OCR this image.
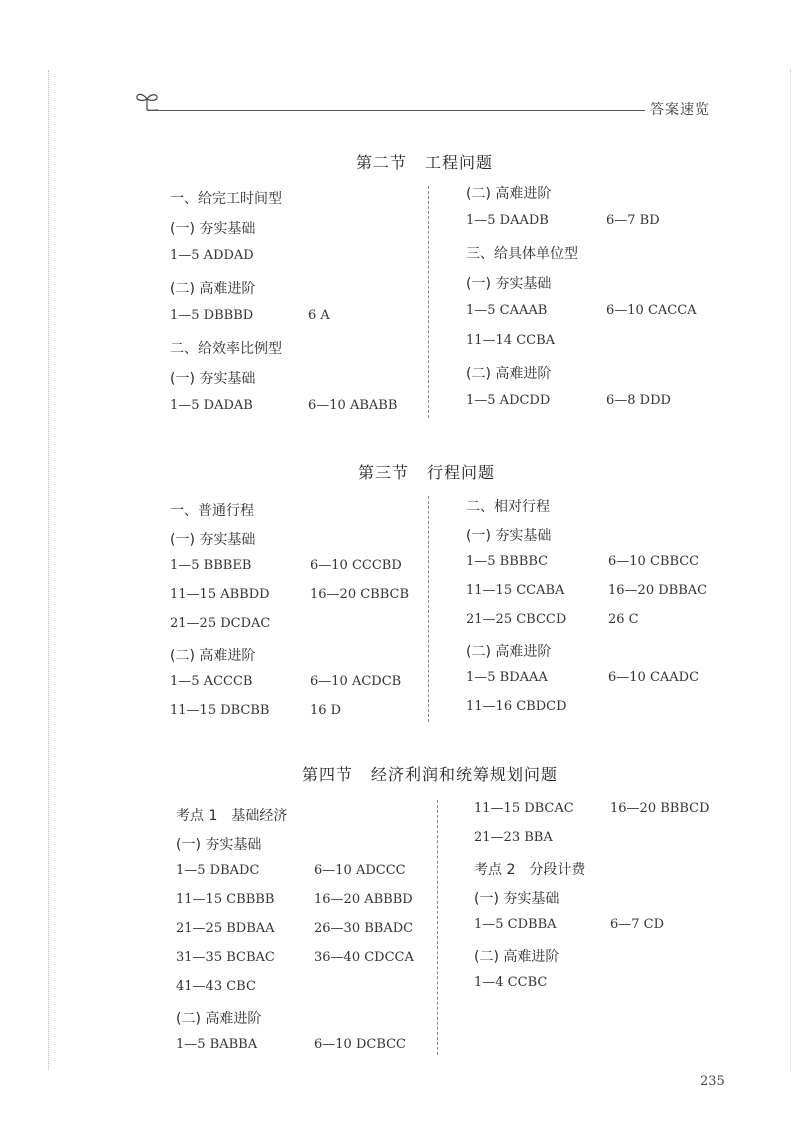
答案速览
第二节 工程问题
一、给完工时间型
(一) 夯实基础
1—5 ADDAD
(二) 高难进阶
1—5 DBBBD	6 A
二、给效率比例型
(一) 夯实基础
1—5 DADAB	6—10 ABABB
(二) 高难进阶
1—5 DAADB	6—7 BD
三、给具体单位型
(一) 夯实基础
1—5 CAAAB	6—10 CACCA
11—14 CCBA
(二) 高难进阶
1—5 ADCDD	6—8 DDD
第三节 行程问题
一、普通行程
(一) 夯实基础
1—5 BBBEB	6—10 CCCBD
11—15 ABBDD	16—20 CBBCB
21—25 DCDAC
(二) 高难进阶
1—5 ACCCB	6—10 ACDCB
11—15 DBCBB	16 D
二、相对行程
(一) 夯实基础
1—5 BBBBC	6—10 CBBCC
11—15 CCABA	16—20 DBBAC
21—25 CBCCD	26 C
(二) 高难进阶
1—5 BDAAA	6—10 CAADC
11—16 CBDCD
第四节 经济利润和统筹规划问题
考点 1　基础经济
(一) 夯实基础
1—5 DBADC	6—10 ADCCC
11—15 CBBBB	16—20 ABBBD
21—25 BDBAA	26—30 BBADC
31—35 BCBAC	36—40 CDCCA
41—43 CBC
(二) 高难进阶
1—5 BABBA	6—10 DCBCC
11—15 DBCAC	16—20 BBBCD
21—23 BBA
考点 2　分段计费
(一) 夯实基础
1—5 CDBBA	6—7 CD
(二) 高难进阶
1—4 CCBC
235
